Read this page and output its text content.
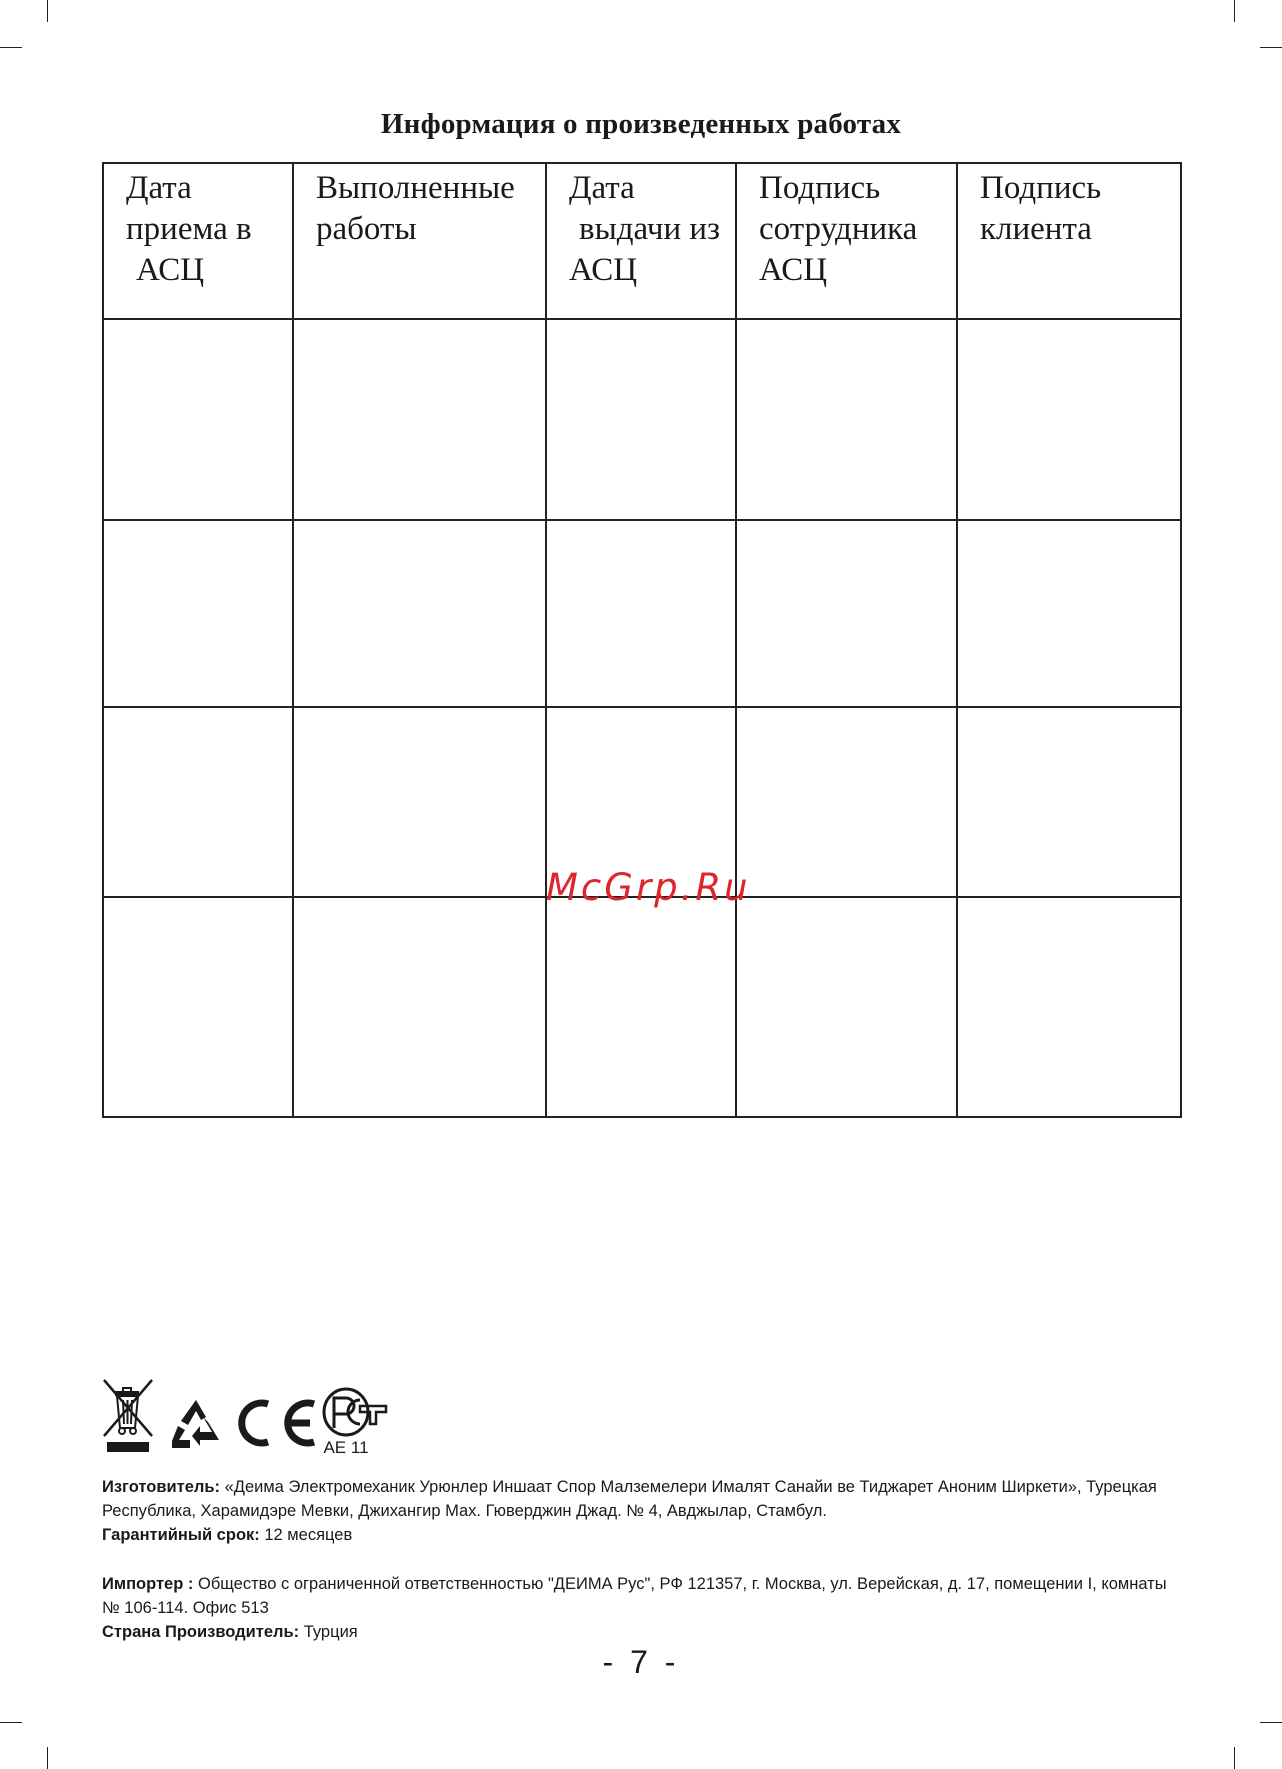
Информация о произведенных работах
Дата
приема в
АСЦ	Выполненные
работы	Дата
выдачи из
АСЦ	Подпись
сотрудника
АСЦ	Подпись
клиента

McGrp.Ru
AE 11
Изготовитель: «Деима Электромеханик Урюнлер Иншаат Спор Малземелери Ималят Санайи ве Тиджарет Аноним Ширкети», Турецкая Республика, Харамидэре Мевки, Джихангир Мах. Гюверджин Джад. № 4, Авджылар, Стамбул.
Гарантийный срок: 12 месяцев
Импортер : Общество с ограниченной ответственностью "ДЕИМА Рус", РФ 121357, г. Москва, ул. Верейская, д. 17, помещении I, комнаты № 106-114. Офис 513
Страна Производитель: Турция
- 7 -
